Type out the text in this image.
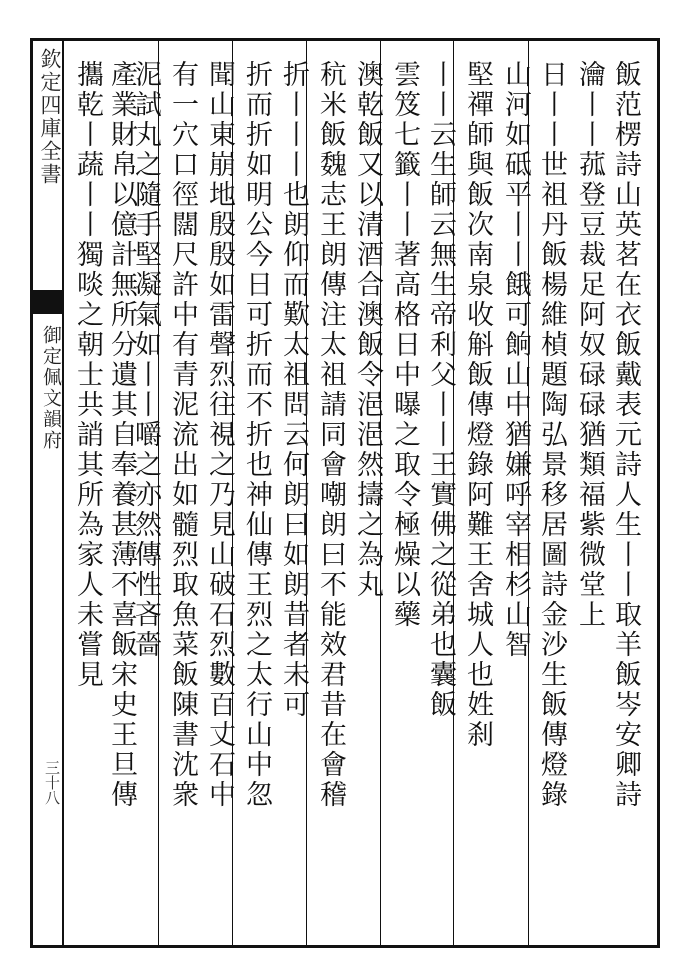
欽定四庫全書
御定佩文韻府
三十八	飯范楞詩山英茗在衣飯戴表元詩人生丨丨取羊飯岑安卿詩
瀹丨丨菰登豆裁足阿奴碌碌猶類福紫微堂上
日丨丨世祖丹飯楊維楨題陶弘景移居圖詩金沙生飯傳燈錄
山河如砥平丨丨餓可餉山中猶嫌呼宰相杉山智
堅禪師與飯次南泉收斛飯傳燈錄阿難王舍城人也姓刹
丨丨云生師云無生帝利父丨丨王實佛之從弟也囊飯
雲笈七籤丨丨著高格日中曝之取令極燥以藥
澳乾飯又以清酒合澳飯令浥浥然擣之為丸
秔米飯魏志王朗傳注太祖請同會嘲朗曰不能效君昔在會稽
折丨丨丨也朗仰而歎太祖問云何朗曰如朗昔者未可
折而折如明公今日可折而不折也神仙傳王烈之太行山中忽
聞山東崩地殷殷如雷聲烈往視之乃見山破石烈數百丈石中
有一穴口徑闊尺許中有青泥流出如髓烈取魚菜飯陳書沈衆
泥試丸之隨手堅凝氣如丨丨嚼之亦然傳性吝嗇
產業財帛以億計無所分遺其自奉養甚薄不喜飯宋史王旦傳
攜乾丨蔬丨丨獨啖之朝士共誚其所為家人未嘗見
